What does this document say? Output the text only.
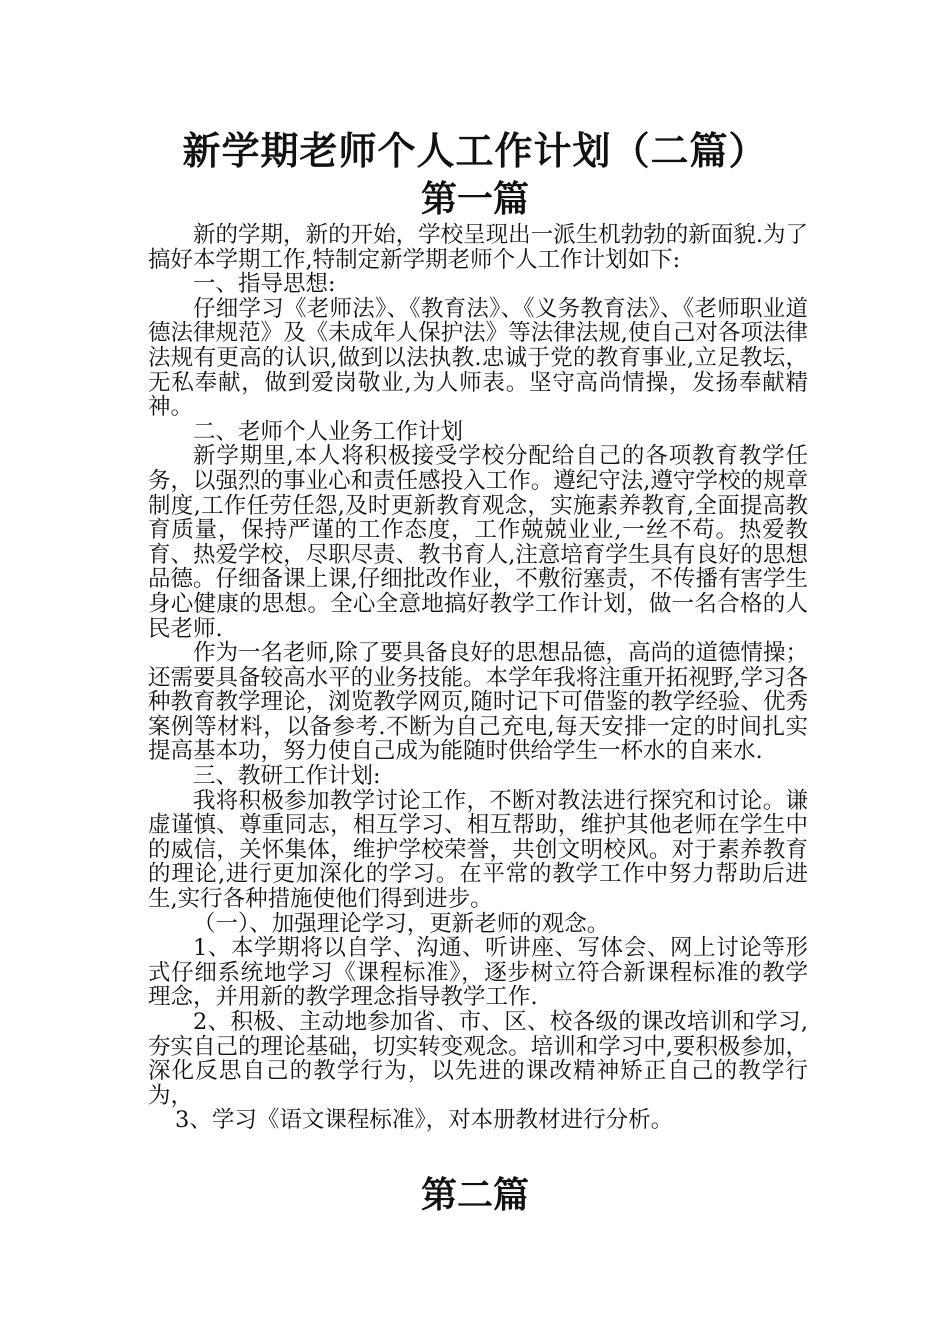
新学期老师个人工作计划（二篇）
第一篇

新的学期，新的开始，学校呈现出一派生机勃勃的新面貌.为了搞好本学期工作,特制定新学期老师个人工作计划如下:

一、指导思想:

仔细学习《老师法》、《教育法》、《义务教育法》、《老师职业道德法律规范》及《未成年人保护法》等法律法规,使自己对各项法律法规有更高的认识,做到以法执教.忠诚于党的教育事业,立足教坛，无私奉献，做到爱岗敬业,为人师表。坚守高尚情操，发扬奉献精神。

二、老师个人业务工作计划

新学期里,本人将积极接受学校分配给自己的各项教育教学任务，以强烈的事业心和责任感投入工作。遵纪守法,遵守学校的规章制度,工作任劳任怨,及时更新教育观念，实施素养教育,全面提高教育质量，保持严谨的工作态度，工作兢兢业业,一丝不苟。热爱教育、热爱学校，尽职尽责、教书育人,注意培育学生具有良好的思想品德。仔细备课上课,仔细批改作业，不敷衍塞责，不传播有害学生身心健康的思想。全心全意地搞好教学工作计划，做一名合格的人民老师.

作为一名老师,除了要具备良好的思想品德，高尚的道德情操；还需要具备较高水平的业务技能。本学年我将注重开拓视野,学习各种教育教学理论，浏览教学网页,随时记下可借鉴的教学经验、优秀案例等材料，以备参考.不断为自己充电,每天安排一定的时间扎实提高基本功，努力使自己成为能随时供给学生一杯水的自来水.

三、教研工作计划:

我将积极参加教学讨论工作，不断对教法进行探究和讨论。谦虚谨慎、尊重同志，相互学习、相互帮助，维护其他老师在学生中的威信，关怀集体，维护学校荣誉，共创文明校风。对于素养教育的理论,进行更加深化的学习。在平常的教学工作中努力帮助后进生,实行各种措施使他们得到进步。

（一）、加强理论学习，更新老师的观念。

1、本学期将以自学、沟通、听讲座、写体会、网上讨论等形式仔细系统地学习《课程标准》，逐步树立符合新课程标准的教学理念，并用新的教学理念指导教学工作.

2、积极、主动地参加省、市、区、校各级的课改培训和学习,夯实自己的理论基础，切实转变观念。培训和学习中,要积极参加，深化反思自己的教学行为，以先进的课改精神矫正自己的教学行为，

3、学习《语文课程标准》，对本册教材进行分析。

第二篇
